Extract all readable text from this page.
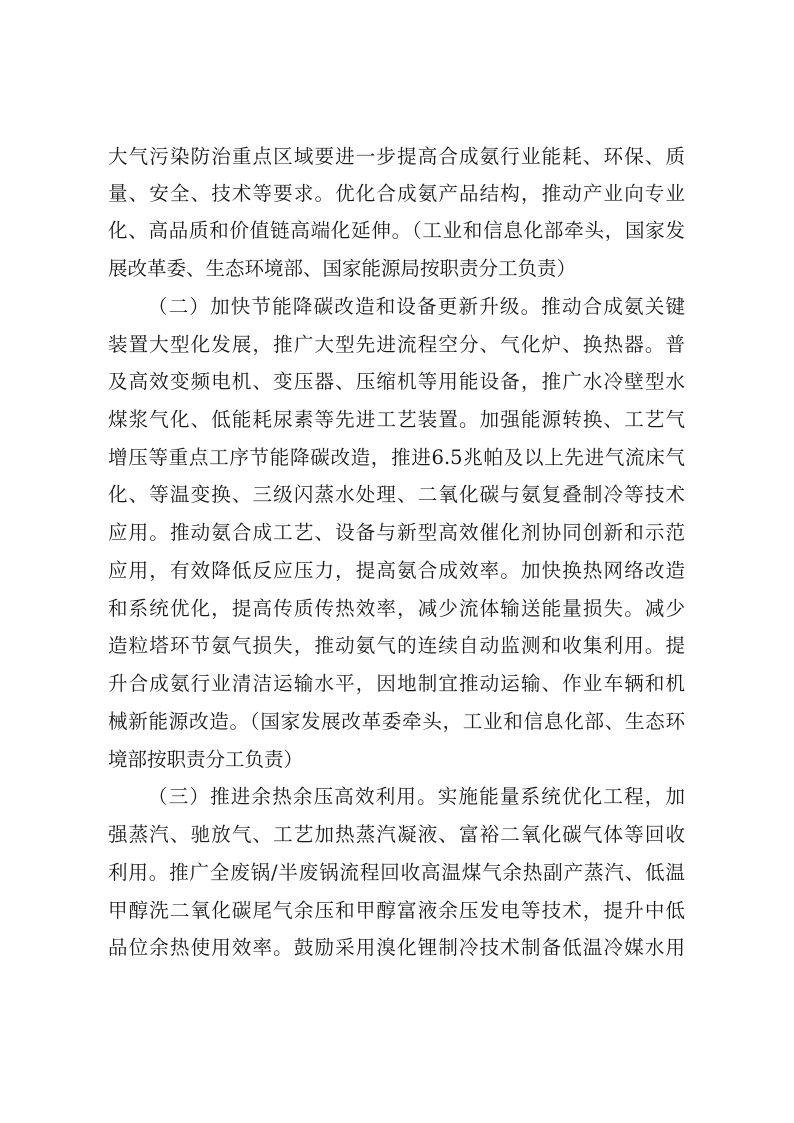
大气污染防治重点区域要进一步提高合成氨行业能耗、环保、质
量、安全、技术等要求。优化合成氨产品结构，推动产业向专业
化、高品质和价值链高端化延伸。（工业和信息化部牵头，国家发
展改革委、生态环境部、国家能源局按职责分工负责）
（二）加快节能降碳改造和设备更新升级。推动合成氨关键
装置大型化发展，推广大型先进流程空分、气化炉、换热器。普
及高效变频电机、变压器、压缩机等用能设备，推广水冷壁型水
煤浆气化、低能耗尿素等先进工艺装置。加强能源转换、工艺气
增压等重点工序节能降碳改造，推进6.5兆帕及以上先进气流床气
化、等温变换、三级闪蒸水处理、二氧化碳与氨复叠制冷等技术
应用。推动氨合成工艺、设备与新型高效催化剂协同创新和示范
应用，有效降低反应压力，提高氨合成效率。加快换热网络改造
和系统优化，提高传质传热效率，减少流体输送能量损失。减少
造粒塔环节氨气损失，推动氨气的连续自动监测和收集利用。提
升合成氨行业清洁运输水平，因地制宜推动运输、作业车辆和机
械新能源改造。（国家发展改革委牵头，工业和信息化部、生态环
境部按职责分工负责）
（三）推进余热余压高效利用。实施能量系统优化工程，加
强蒸汽、驰放气、工艺加热蒸汽凝液、富裕二氧化碳气体等回收
利用。推广全废锅/半废锅流程回收高温煤气余热副产蒸汽、低温
甲醇洗二氧化碳尾气余压和甲醇富液余压发电等技术，提升中低
品位余热使用效率。鼓励采用溴化锂制冷技术制备低温冷媒水用
